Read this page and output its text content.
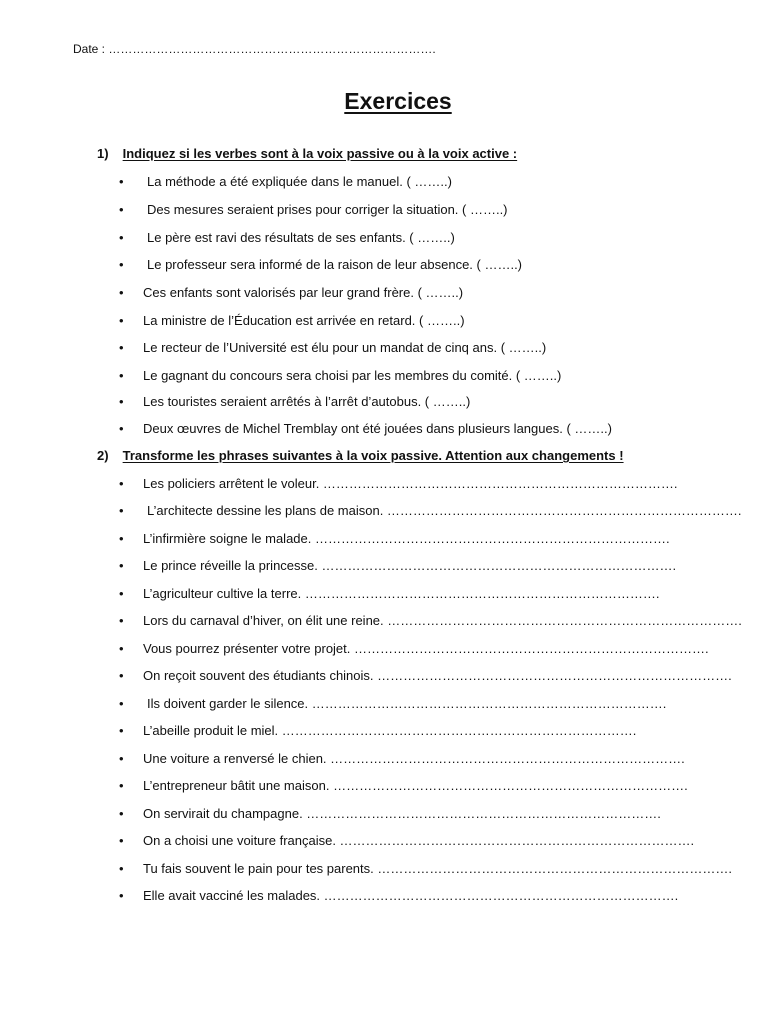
Date : ……………………………………………………………………….
Exercices
1) Indiquez si les verbes sont à la voix passive ou à la voix active :
• La méthode a été expliquée dans le manuel. ( ……..)
• Des mesures seraient prises pour corriger la situation. ( ……..)
• Le père est ravi des résultats de ses enfants. ( ……..)
• Le professeur sera informé de la raison de leur absence. ( ……..)
• Ces enfants sont valorisés par leur grand frère. ( ……..)
• La ministre de l’Éducation est arrivée en retard. ( ……..)
• Le recteur de l’Université est élu pour un mandat de cinq ans. ( ……..)
• Le gagnant du concours sera choisi par les membres du comité. ( ……..)
• Les touristes seraient arrêtés à l’arrêt d’autobus. ( ……..)
• Deux œuvres de Michel Tremblay ont été jouées dans plusieurs langues. ( ……..)
2) Transforme les phrases suivantes à la voix passive. Attention aux changements !
• Les policiers arrêtent le voleur. ……………………………………………………………………….
• L’architecte dessine les plans de maison. ……………………………………………………………………….
• L’infirmière soigne le malade. ……………………………………………………………………….
• Le prince réveille la princesse. ……………………………………………………………………….
• L’agriculteur cultive la terre. ……………………………………………………………………….
• Lors du carnaval d’hiver, on élit une reine. ……………………………………………………………………….
• Vous pourrez présenter votre projet. ……………………………………………………………………….
• On reçoit souvent des étudiants chinois. ……………………………………………………………………….
• Ils doivent garder le silence. ……………………………………………………………………….
• L’abeille produit le miel. ……………………………………………………………………….
• Une voiture a renversé le chien. ……………………………………………………………………….
• L’entrepreneur bâtit une maison. ……………………………………………………………………….
• On servirait du champagne. ……………………………………………………………………….
• On a choisi une voiture française. ……………………………………………………………………….
• Tu fais souvent le pain pour tes parents. ……………………………………………………………………….
• Elle avait vacciné les malades. ……………………………………………………………………….
